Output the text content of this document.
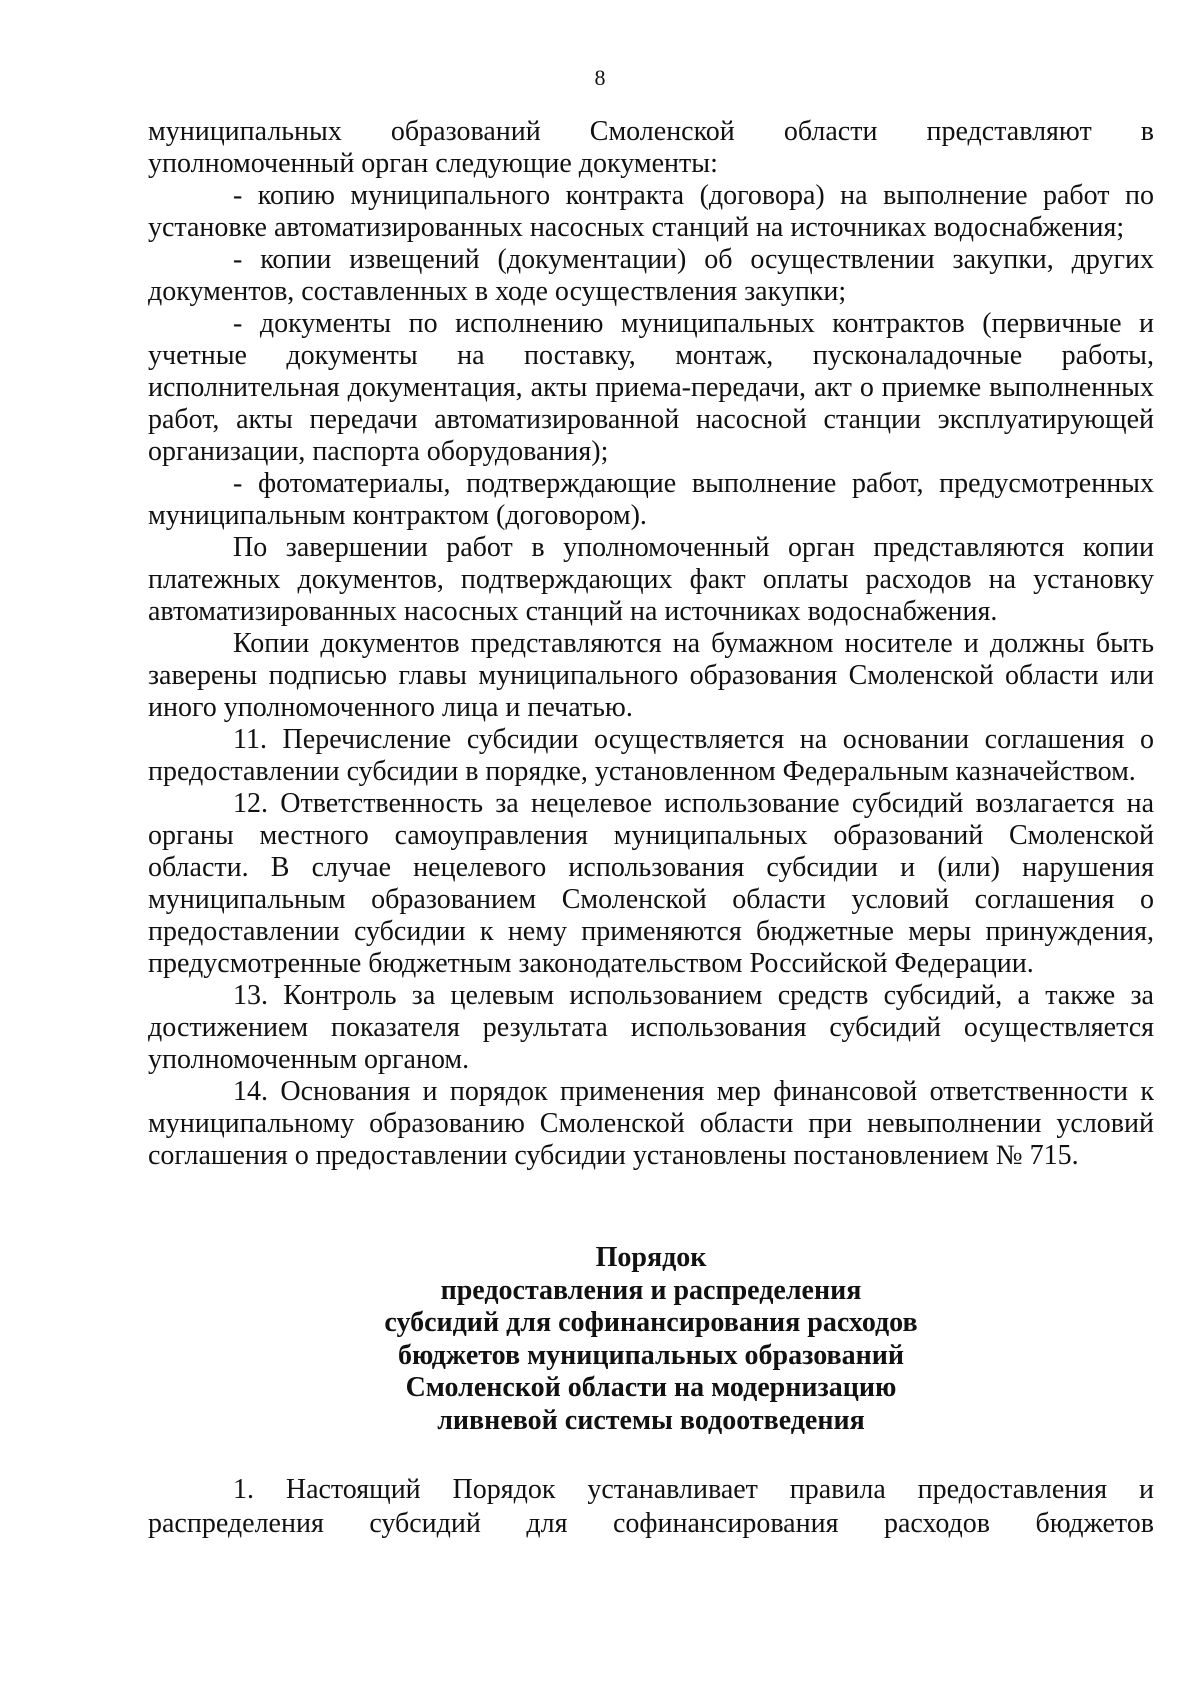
8

муниципальных образований Смоленской области представляют в уполномоченный орган следующие документы:

- копию муниципального контракта (договора) на выполнение работ по установке автоматизированных насосных станций на источниках водоснабжения;

- копии извещений (документации) об осуществлении закупки, других документов, составленных в ходе осуществления закупки;

- документы по исполнению муниципальных контрактов (первичные и учетные документы на поставку, монтаж, пусконаладочные работы, исполнительная документация, акты приема-передачи, акт о приемке выполненных работ, акты передачи автоматизированной насосной станции эксплуатирующей организации, паспорта оборудования);

- фотоматериалы, подтверждающие выполнение работ, предусмотренных муниципальным контрактом (договором).

По завершении работ в уполномоченный орган представляются копии платежных документов, подтверждающих факт оплаты расходов на установку автоматизированных насосных станций на источниках водоснабжения.

Копии документов представляются на бумажном носителе и должны быть заверены подписью главы муниципального образования Смоленской области или иного уполномоченного лица и печатью.

11. Перечисление субсидии осуществляется на основании соглашения о предоставлении субсидии в порядке, установленном Федеральным казначейством.

12. Ответственность за нецелевое использование субсидий возлагается на органы местного самоуправления муниципальных образований Смоленской области. В случае нецелевого использования субсидии и (или) нарушения муниципальным образованием Смоленской области условий соглашения о предоставлении субсидии к нему применяются бюджетные меры принуждения, предусмотренные бюджетным законодательством Российской Федерации.

13. Контроль за целевым использованием средств субсидий, а также за достижением показателя результата использования субсидий осуществляется уполномоченным органом.

14. Основания и порядок применения мер финансовой ответственности к муниципальному образованию Смоленской области при невыполнении условий соглашения о предоставлении субсидии установлены постановлением № 715.

Порядок
предоставления и распределения
субсидий для софинансирования расходов
бюджетов муниципальных образований
Смоленской области на модернизацию
ливневой системы водоотведения

1. Настоящий Порядок устанавливает правила предоставления и

распределения субсидий для софинансирования расходов бюджетов
